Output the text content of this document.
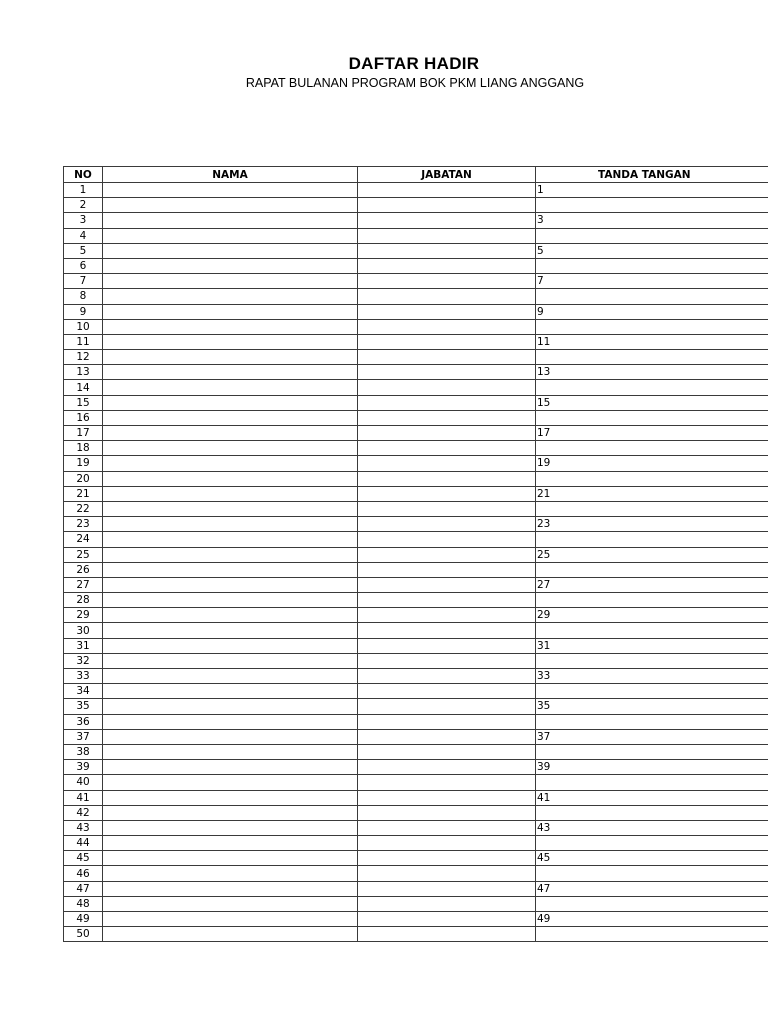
DAFTAR HADIR
RAPAT BULANAN PROGRAM BOK PKM LIANG ANGGANG
NO	NAMA	JABATAN	TANDA TANGAN
1			1
2			
3			3
4			
5			5
6			
7			7
8			
9			9
10			
11			11
12			
13			13
14			
15			15
16			
17			17
18			
19			19
20			
21			21
22			
23			23
24			
25			25
26			
27			27
28			
29			29
30			
31			31
32			
33			33
34			
35			35
36			
37			37
38			
39			39
40			
41			41
42			
43			43
44			
45			45
46			
47			47
48			
49			49
50			
